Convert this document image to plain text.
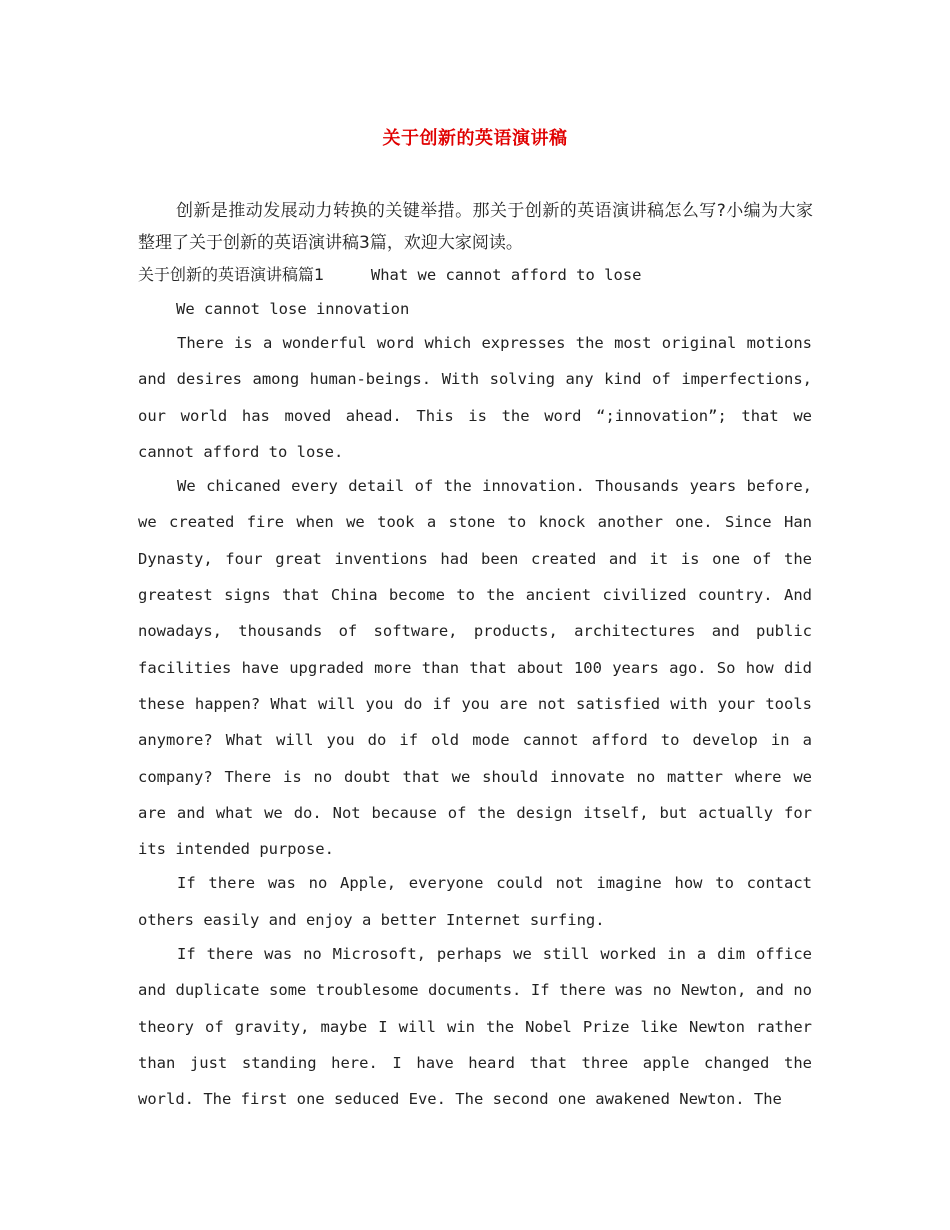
关于创新的英语演讲稿
创新是推动发展动力转换的关键举措。那关于创新的英语演讲稿怎么写?小编为大家整理了关于创新的英语演讲稿3篇，欢迎大家阅读。
关于创新的英语演讲稿篇1	What we cannot afford to lose
We cannot lose innovation

There is a wonderful word which expresses the most original motions and desires among human-beings. With solving any kind of imperfections, our world has moved ahead. This is the word “;innovation”; that we cannot afford to lose.

We chicaned every detail of the innovation. Thousands years before, we created fire when we took a stone to knock another one. Since Han Dynasty, four great inventions had been created and it is one of the greatest signs that China become to the ancient civilized country. And nowadays, thousands of software, products, architectures and public facilities have upgraded more than that about 100 years ago. So how did these happen? What will you do if you are not satisfied with your tools anymore? What will you do if old mode cannot afford to develop in a company? There is no doubt that we should innovate no matter where we are and what we do. Not because of the design itself, but actually for its intended purpose.

If there was no Apple, everyone could not imagine how to contact others easily and enjoy a better Internet surfing.

If there was no Microsoft, perhaps we still worked in a dim office and duplicate some troublesome documents. If there was no Newton, and no theory of gravity, maybe I will win the Nobel Prize like Newton rather than just standing here. I have heard that three apple changed the world. The first one seduced Eve. The second one awakened Newton. The
